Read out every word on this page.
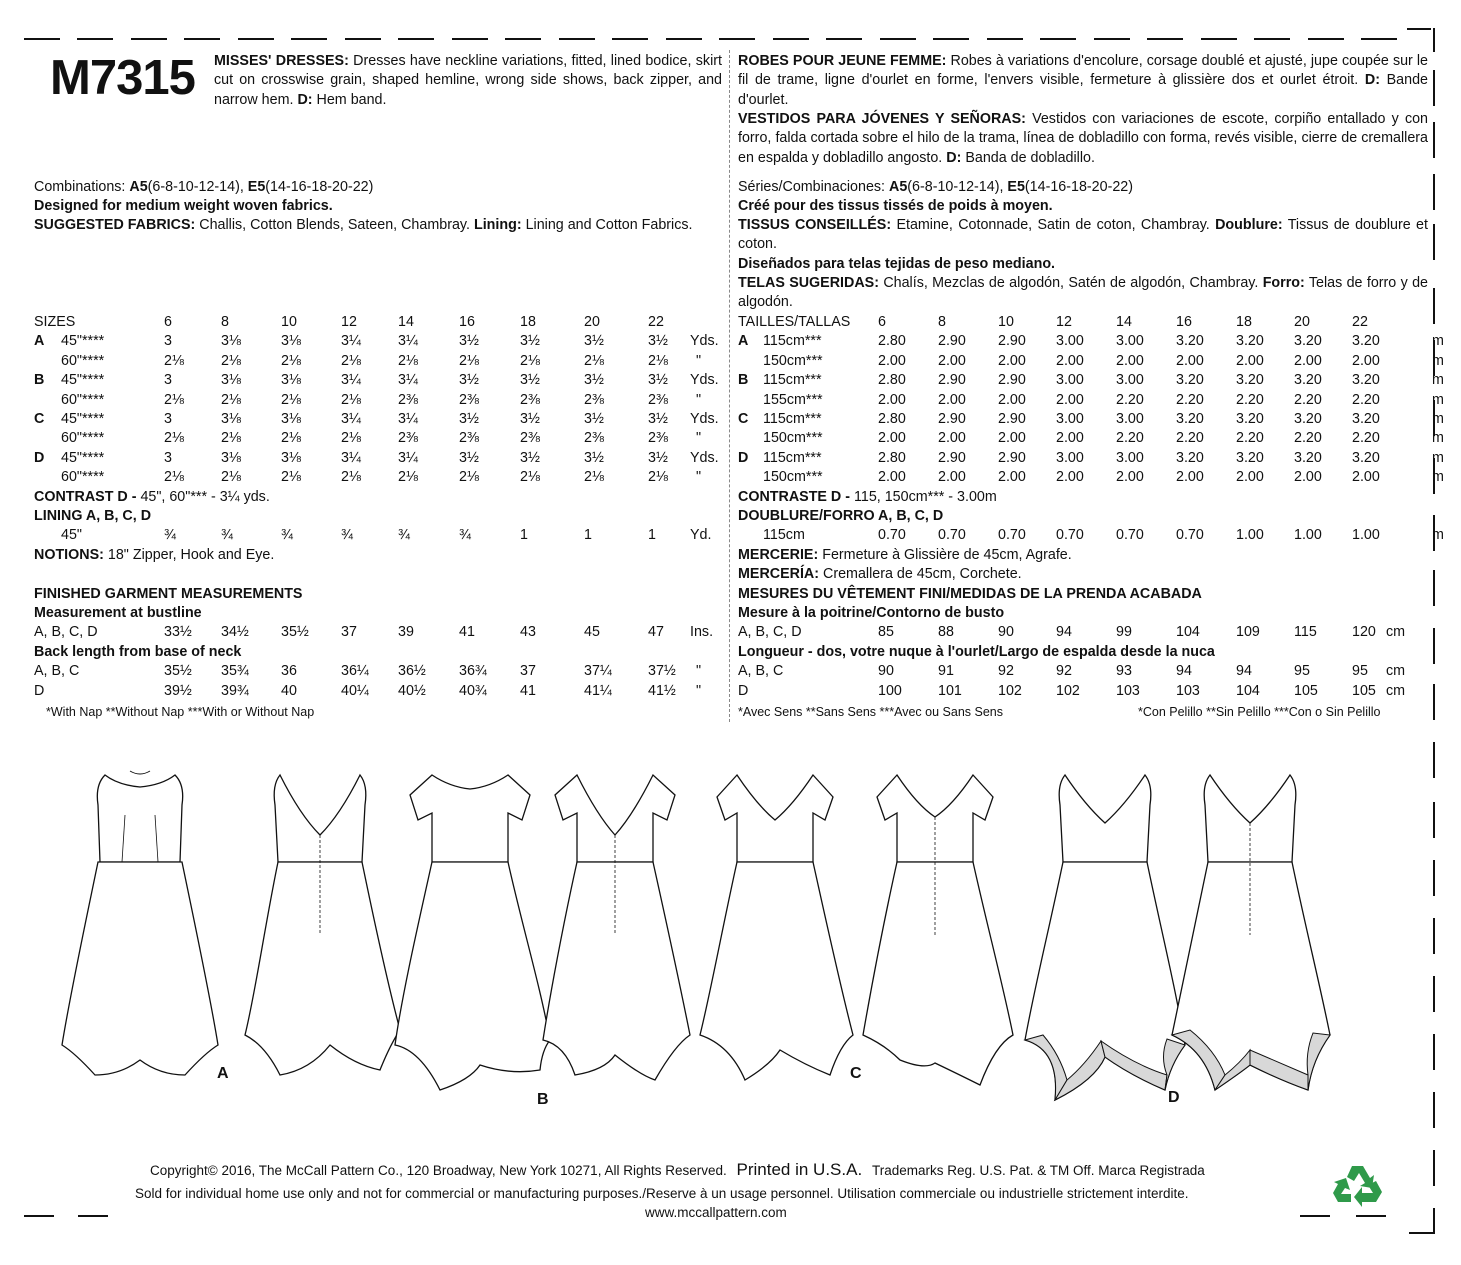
M7315 MISSES' DRESSES: Dresses have neckline variations, fitted, lined bodice, skirt cut on crosswise grain, shaped hemline, wrong side shows, back zipper, and narrow hem. D: Hem band.
ROBES POUR JEUNE FEMME: Robes à variations d'encolure, corsage doublé et ajusté, jupe coupée sur le fil de trame, ligne d'ourlet en forme, l'envers visible, fermeture à glissière dos et ourlet étroit. D: Bande d'ourlet.
VESTIDOS PARA JÓVENES Y SEÑORAS: Vestidos con variaciones de escote, corpiño entallado y con forro, falda cortada sobre el hilo de la trama, línea de dobladillo con forma, revés visible, cierre de cremallera en espalda y dobladillo angosto. D: Banda de dobladillo.
Combinations: A5(6-8-10-12-14), E5(14-16-18-20-22)
Designed for medium weight woven fabrics.
SUGGESTED FABRICS: Challis, Cotton Blends, Sateen, Chambray. Lining: Lining and Cotton Fabrics.
SIZES	6	8	10	12	14	16	18	20	22
A 45"****	3	3⅛	3⅛	3¼	3¼	3½	3½	3½	3½ Yds.
60"****	2⅛	2⅛	2⅛	2⅛	2⅛	2⅛	2⅛	2⅛	2⅛ "
B 45"****	3	3⅛	3⅛	3¼	3¼	3½	3½	3½	3½ Yds.
60"****	2⅛	2⅛	2⅛	2⅛	2⅜	2⅜	2⅜	2⅜	2⅜ "
C 45"****	3	3⅛	3⅛	3¼	3¼	3½	3½	3½	3½ Yds.
60"****	2⅛	2⅛	2⅛	2⅛	2⅜	2⅜	2⅜	2⅜	2⅜ "
D 45"****	3	3⅛	3⅛	3¼	3¼	3½	3½	3½	3½ Yds.
60"****	2⅛	2⅛	2⅛	2⅛	2⅛	2⅛	2⅛	2⅛	2⅛ "
CONTRAST D - 45", 60"*** - 3¼ yds.
LINING A, B, C, D
45"	¾	¾	¾	¾	¾	¾	1	1	1 Yd.
NOTIONS: 18" Zipper, Hook and Eye.
FINISHED GARMENT MEASUREMENTS
Measurement at bustline
A, B, C, D	33½ 34½ 35½ 37	39	41	43	45	47 Ins.
Back length from base of neck
A, B, C	35½ 35¾ 36	36¼ 36½ 36¾ 37	37¼	37½ "
D	39½ 39¾ 40	40¼ 40½ 40¾ 41	41¼	41½ "
*With Nap **Without Nap ***With or Without Nap
Séries/Combinaciones: A5(6-8-10-12-14), E5(14-16-18-20-22)
Créé pour des tissus tissés de poids à moyen.
TISSUS CONSEILLÉS: Etamine, Cotonnade, Satin de coton, Chambray. Doublure: Tissus de doublure et coton.
Diseñados para telas tejidas de peso mediano.
TELAS SUGERIDAS: Chalís, Mezclas de algodón, Satén de algodón, Chambray. Forro: Telas de forro y de algodón.
TAILLES/TALLAS 6	8	10	12	14	16	18	20	22
A 115cm***	2.80 2.90 2.90 3.00 3.00 3.20 3.20 3.20 3.20	m
150cm***	2.00 2.00 2.00 2.00 2.00 2.00 2.00 2.00 2.00	m
B 115cm***	2.80 2.90 2.90 3.00 3.00 3.20 3.20 3.20 3.20	m
155cm***	2.00 2.00 2.00 2.00 2.20 2.20 2.20 2.20 2.20	m
C 115cm***	2.80 2.90 2.90 3.00 3.00 3.20 3.20 3.20 3.20	m
150cm***	2.00 2.00 2.00 2.00 2.20 2.20 2.20 2.20 2.20	m
D 115cm***	2.80 2.90 2.90 3.00 3.00 3.20 3.20 3.20 3.20	m
150cm***	2.00 2.00 2.00 2.00 2.00 2.00 2.00 2.00 2.00	m
CONTRASTE D - 115, 150cm*** - 3.00m
DOUBLURE/FORRO A, B, C, D
115cm	0.70 0.70 0.70 0.70 0.70 0.70 1.00 1.00 1.00	m
MERCERIE: Fermeture à Glissière de 45cm, Agrafe.
MERCERÍA: Cremallera de 45cm, Corchete.
MESURES DU VÊTEMENT FINI/MEDIDAS DE LA PRENDA ACABADA
Mesure à la poitrine/Contorno de busto
A, B, C, D	85	88	90	94	99	104	109 115 120 cm
Longueur - dos, votre nuque à l'ourlet/Largo de espalda desde la nuca
A, B, C	90	91	92	92	93	94	94	95	95 cm
D	100	101	102 102	103	103	104 105 105 cm
*Avec Sens **Sans Sens ***Avec ou Sans Sens	*Con Pelillo **Sin Pelillo ***Con o Sin Pelillo
A
B
C
D
Copyright© 2016, The McCall Pattern Co., 120 Broadway, New York 10271, All Rights Reserved. Printed in U.S.A. Trademarks Reg. U.S. Pat. & TM Off. Marca Registrada
Sold for individual home use only and not for commercial or manufacturing purposes./Reserve à un usage personnel. Utilisation commerciale ou industrielle strictement interdite.
www.mccallpattern.com
